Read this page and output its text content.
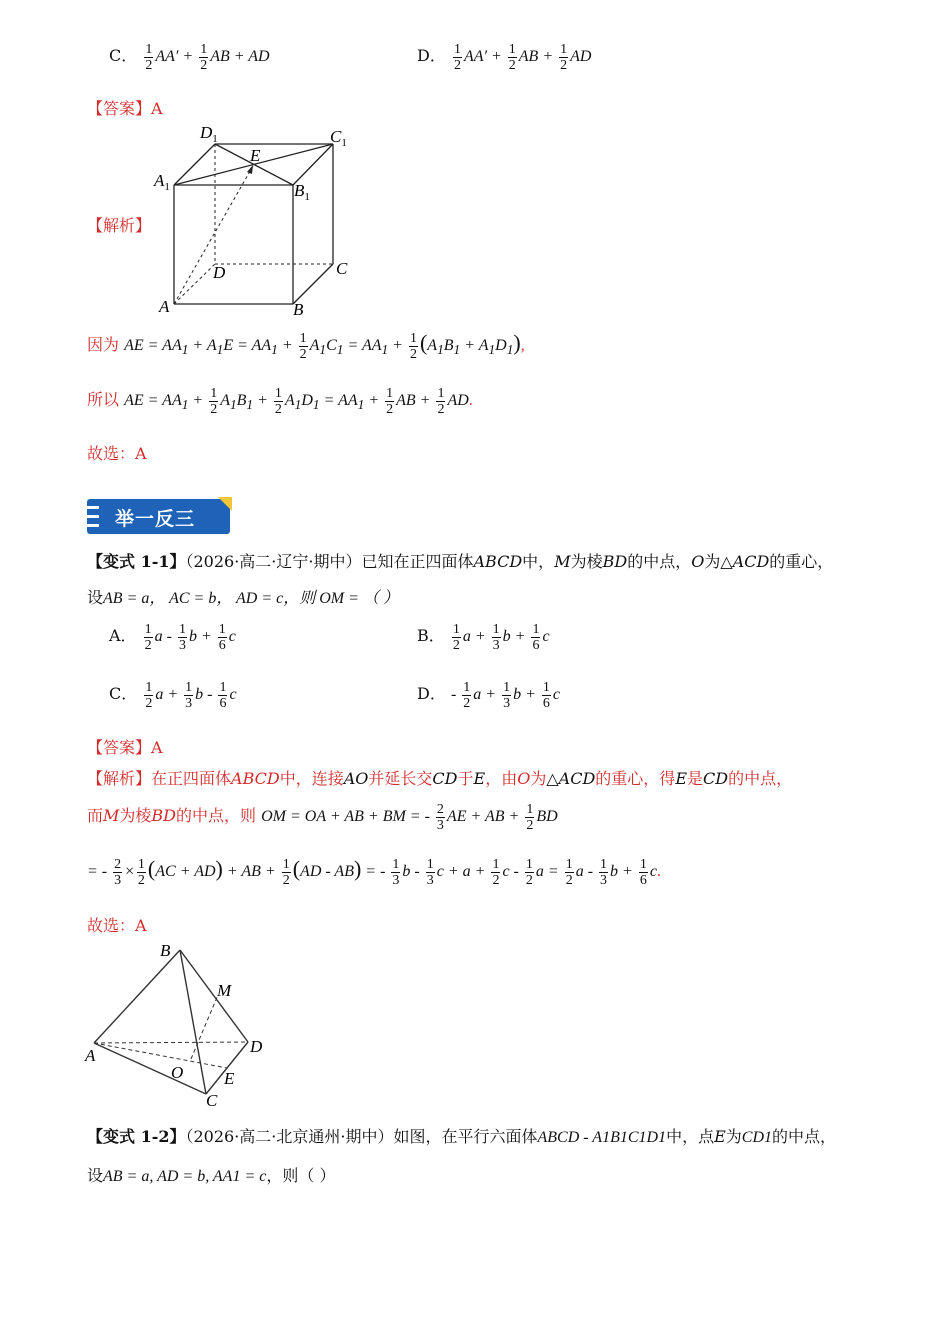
C． $\frac{1}{2} AA' + \frac{1}{2}$ AB + AD	D． $\frac{1}{2} AA' + \frac{1}{2}$ AB + $\frac{1}{2}$ AD
【答案】A
【解析】
$D_1$	$C_1$
E
$A_1$	$B_1$
D	C
A	B
因为 AE = $AA_1 + A_1E = AA_1 + \frac{1}{2} A_1C_1 = AA_1 + \frac{1}{2} (A_1B_1 + A_1D_1)$,
所以 AE = $AA_1 + \frac{1}{2} A_1B_1 + \frac{1}{2} A_1D_1 = AA_1 + \frac{1}{2}$ AB + $\frac{1}{2}$ AD.
故选：A
举一反三
【变式 1-1】（2026·高二·辽宁·期中）已知在正四面体ABCD中，M为棱BD的中点，O为△ACD的重心，
设AB = a， AC = b， AD = c，则 OM = （ ）
A． $\frac{1}{2}$ a - $\frac{1}{3}$ $b + \frac{1}{6}$ c	B． $\frac{1}{2}$ $a + \frac{1}{3}$ $b + \frac{1}{6}$ c
C． $\frac{1}{2}$ $a + \frac{1}{3}$ b - $\frac{1}{6}$ c	D． - $\frac{1}{2}$ $a + \frac{1}{3}$ $b + \frac{1}{6}$ c
【答案】A
【解析】在正四面体ABCD中，连接AO并延长交CD于E，由O为△ACD的重心，得E是CD的中点，
而M为棱BD的中点，则 OM = OA + AB + BM = - $\frac{2}{3}$ AE + AB + $\frac{1}{2}$ BD
= - $\frac{2}{3} \times \frac{1}{2} (AC + AD)$ + AB + $\frac{1}{2} (AD - AB)$ = - $\frac{1}{3}$ b - $\frac{1}{3}$ $c + a + \frac{1}{2}$ c - $\frac{1}{2}$ $a = \frac{1}{2}$ a - $\frac{1}{3}$ $b + \frac{1}{6} c$.
故选：A
B
M
A	D
O E
C
【变式 1-2】（2026·高二·北京通州·期中）如图，在平行六面体ABCD - A1B1C1D1中，点E为CD1的中点，
设AB = a, AD = b, AA1 = c，则（ ）
